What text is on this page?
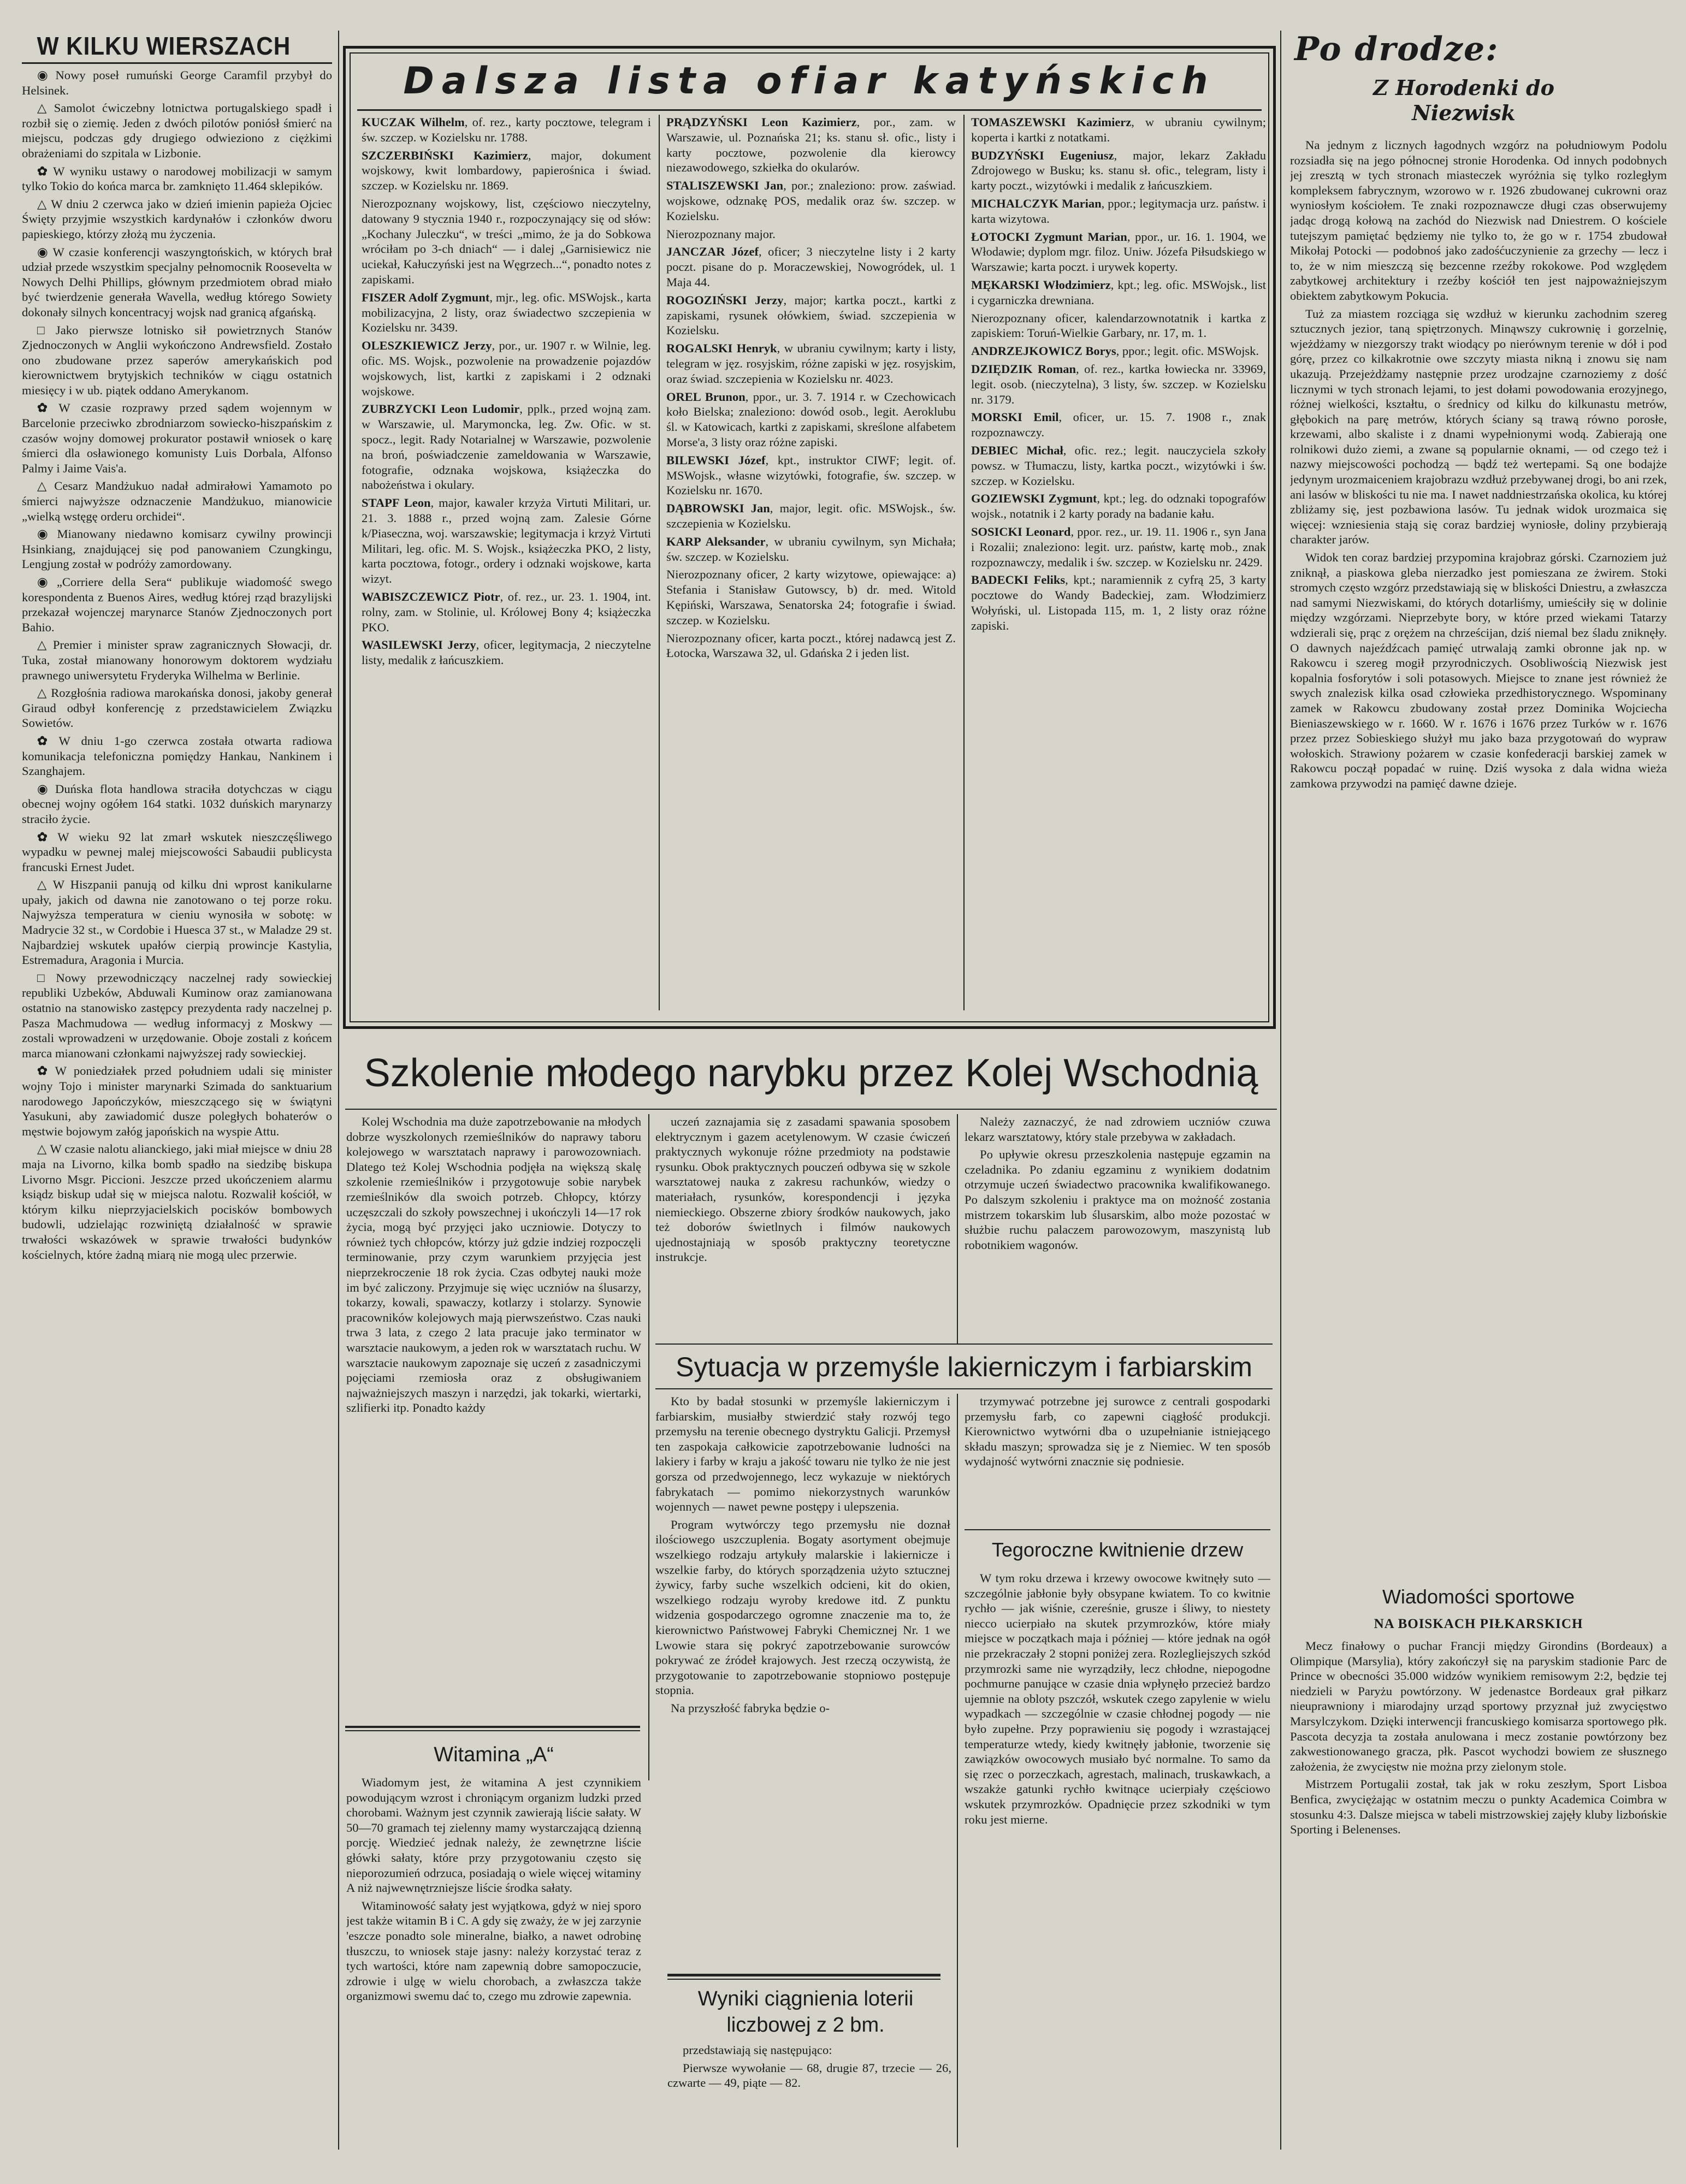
W KILKU WIERSZACH

◉ Nowy poseł rumuński George Caramfil przybył do Helsinek.

△ Samolot ćwiczebny lotnictwa portugalskiego spadł i rozbił się o ziemię. Jeden z dwóch pilotów poniósł śmierć na miejscu, podczas gdy drugiego odwieziono z ciężkimi obrażeniami do szpitala w Lizbonie.

✿ W wyniku ustawy o narodowej mobilizacji w samym tylko Tokio do końca marca br. zamknięto 11.464 sklepików.

△ W dniu 2 czerwca jako w dzień imienin papieża Ojciec Święty przyjmie wszystkich kardynałów i członków dworu papieskiego, którzy złożą mu życzenia.

◉ W czasie konferencji waszyngtońskich, w których brał udział przede wszystkim specjalny pełnomocnik Roosevelta w Nowych Delhi Phillips, głównym przedmiotem obrad miało być twierdzenie generała Wavella, według którego Sowiety dokonały silnych koncentracyj wojsk nad granicą afgańską.

□ Jako pierwsze lotnisko sił powietrznych Stanów Zjednoczonych w Anglii wykończono Andrewsfield. Zostało ono zbudowane przez saperów amerykańskich pod kierownictwem brytyjskich techników w ciągu ostatnich miesięcy i w ub. piątek oddano Amerykanom.

✿ W czasie rozprawy przed sądem wojennym w Barcelonie przeciwko zbrodniarzom sowiecko-hiszpańskim z czasów wojny domowej prokurator postawił wniosek o karę śmierci dla osławionego komunisty Luis Dorbala, Alfonso Palmy i Jaime Vais'a.

△ Cesarz Mandżukuo nadał admirałowi Yamamoto po śmierci najwyższe odznaczenie Mandżukuo, mianowicie „wielką wstęgę orderu orchidei“.

◉ Mianowany niedawno komisarz cywilny prowincji Hsinkiang, znajdującej się pod panowaniem Czungkingu, Lengjung został w podróży zamordowany.

◉ „Corriere della Sera“ publikuje wiadomość swego korespondenta z Buenos Aires, według której rząd brazylijski przekazał wojenczej marynarce Stanów Zjednoczonych port Bahio.

△ Premier i minister spraw zagranicznych Słowacji, dr. Tuka, został mianowany honorowym doktorem wydziału prawnego uniwersytetu Fryderyka Wilhelma w Berlinie.

△ Rozgłośnia radiowa marokańska donosi, jakoby generał Giraud odbył konferencję z przedstawicielem Związku Sowietów.

✿ W dniu 1-go czerwca została otwarta radiowa komunikacja telefoniczna pomiędzy Hankau, Nankinem i Szanghajem.

◉ Duńska flota handlowa straciła dotychczas w ciągu obecnej wojny ogółem 164 statki. 1032 duńskich marynarzy straciło życie.

✿ W wieku 92 lat zmarł wskutek nieszczęśliwego wypadku w pewnej malej miejscowości Sabaudii publicysta francuski Ernest Judet.

△ W Hiszpanii panują od kilku dni wprost kanikularne upały, jakich od dawna nie zanotowano o tej porze roku. Najwyższa temperatura w cieniu wynosiła w sobotę: w Madrycie 32 st., w Cordobie i Huesca 37 st., w Maladze 29 st. Najbardziej wskutek upałów cierpią prowincje Kastylia, Estremadura, Aragonia i Murcia.

□ Nowy przewodniczący naczelnej rady sowieckiej republiki Uzbeków, Abduwali Kuminow oraz zamianowana ostatnio na stanowisko zastępcy prezydenta rady naczelnej p. Pasza Machmudowa — według informacyj z Moskwy — zostali wprowadzeni w urzędowanie. Oboje zostali z końcem marca mianowani członkami najwyższej rady sowieckiej.

✿ W poniedziałek przed południem udali się minister wojny Tojo i minister marynarki Szimada do sanktuarium narodowego Japończyków, mieszczącego się w świątyni Yasukuni, aby zawiadomić dusze poległych bohaterów o męstwie bojowym załóg japońskich na wyspie Attu.

△ W czasie nalotu alianckiego, jaki miał miejsce w dniu 28 maja na Livorno, kilka bomb spadło na siedzibę biskupa Livorno Msgr. Piccioni. Jeszcze przed ukończeniem alarmu ksiądz biskup udał się w miejsca nalotu. Rozwalił kościół, w którym kilku nieprzyjacielskich pocisków bombowych budowli, udzielając rozwiniętą działalność w sprawie trwałości wskazówek w sprawie trwałości budynków kościelnych, które żadną miarą nie mogą ulec przerwie.

Dalsza lista ofiar katyńskich

KUCZAK Wilhelm, of. rez., karty pocztowe, telegram i św. szczep. w Kozielsku nr. 1788.

SZCZERBIŃSKI Kazimierz, major, dokument wojskowy, kwit lombardowy, papierośnica i świad. szczep. w Kozielsku nr. 1869.

Nierozpoznany wojskowy, list, częściowo nieczytelny, datowany 9 stycznia 1940 r., rozpoczynający się od słów: „Kochany Juleczku“, w treści „mimo, że ja do Sobkowa wróciłam po 3-ch dniach“ — i dalej „Garnisiewicz nie uciekał, Kałuczyński jest na Węgrzech...“, ponadto notes z zapiskami.

FISZER Adolf Zygmunt, mjr., leg. ofic. MSWojsk., karta mobilizacyjna, 2 listy, oraz świadectwo szczepienia w Kozielsku nr. 3439.

OLESZKIEWICZ Jerzy, por., ur. 1907 r. w Wilnie, leg. ofic. MS. Wojsk., pozwolenie na prowadzenie pojazdów wojskowych, list, kartki z zapiskami i 2 odznaki wojskowe.

ZUBRZYCKI Leon Ludomir, pplk., przed wojną zam. w Warszawie, ul. Marymoncka, leg. Zw. Ofic. w st. spocz., legit. Rady Notarialnej w Warszawie, pozwolenie na broń, poświadczenie zameldowania w Warszawie, fotografie, odznaka wojskowa, książeczka do nabożeństwa i okulary.

STAPF Leon, major, kawaler krzyża Virtuti Militari, ur. 21. 3. 1888 r., przed wojną zam. Zalesie Górne k/Piaseczna, woj. warszawskie; legitymacja i krzyż Virtuti Militari, leg. ofic. M. S. Wojsk., książeczka PKO, 2 listy, karta pocztowa, fotogr., ordery i odznaki wojskowe, karta wizyt.

WABISZCZEWICZ Piotr, of. rez., ur. 23. 1. 1904, int. rolny, zam. w Stolinie, ul. Królowej Bony 4; książeczka PKO.

WASILEWSKI Jerzy, oficer, legitymacja, 2 nieczytelne listy, medalik z łańcuszkiem.

PRĄDZYŃSKI Leon Kazimierz, por., zam. w Warszawie, ul. Poznańska 21; ks. stanu sł. ofic., listy i karty pocztowe, pozwolenie dla kierowcy niezawodowego, szkiełka do okularów.

STALISZEWSKI Jan, por.; znaleziono: prow. zaświad. wojskowe, odznakę POS, medalik oraz św. szczep. w Kozielsku.

Nierozpoznany major.

JANCZAR Józef, oficer; 3 nieczytelne listy i 2 karty poczt. pisane do p. Moraczewskiej, Nowogródek, ul. 1 Maja 44.

ROGOZIŃSKI Jerzy, major; kartka poczt., kartki z zapiskami, rysunek ołówkiem, świad. szczepienia w Kozielsku.

ROGALSKI Henryk, w ubraniu cywilnym; karty i listy, telegram w jęz. rosyjskim, różne zapiski w jęz. rosyjskim, oraz świad. szczepienia w Kozielsku nr. 4023.

OREL Brunon, ppor., ur. 3. 7. 1914 r. w Czechowicach koło Bielska; znaleziono: dowód osob., legit. Aeroklubu śl. w Katowicach, kartki z zapiskami, skreślone alfabetem Morse'a, 3 listy oraz różne zapiski.

BILEWSKI Józef, kpt., instruktor CIWF; legit. of. MSWojsk., własne wizytówki, fotografie, św. szczep. w Kozielsku nr. 1670.

DĄBROWSKI Jan, major, legit. ofic. MSWojsk., św. szczepienia w Kozielsku.

KARP Aleksander, w ubraniu cywilnym, syn Michała; św. szczep. w Kozielsku.

Nierozpoznany oficer, 2 karty wizytowe, opiewające: a) Stefania i Stanisław Gutowscy, b) dr. med. Witold Kępiński, Warszawa, Senatorska 24; fotografie i świad. szczep. w Kozielsku.

Nierozpoznany oficer, karta poczt., której nadawcą jest Z. Łotocka, Warszawa 32, ul. Gdańska 2 i jeden list.

TOMASZEWSKI Kazimierz, w ubraniu cywilnym; koperta i kartki z notatkami.

BUDZYŃSKI Eugeniusz, major, lekarz Zakładu Zdrojowego w Busku; ks. stanu sł. ofic., telegram, listy i karty poczt., wizytówki i medalik z łańcuszkiem.

MICHALCZYK Marian, ppor.; legitymacja urz. państw. i karta wizytowa.

ŁOTOCKI Zygmunt Marian, ppor., ur. 16. 1. 1904, we Włodawie; dyplom mgr. filoz. Uniw. Józefa Piłsudskiego w Warszawie; karta poczt. i urywek koperty.

MĘKARSKI Włodzimierz, kpt.; leg. ofic. MSWojsk., list i cygarniczka drewniana.

Nierozpoznany oficer, kalendarzownotatnik i kartka z zapiskiem: Toruń-Wielkie Garbary, nr. 17, m. 1.

ANDRZEJKOWICZ Borys, ppor.; legit. ofic. MSWojsk.

DZIĘDZIK Roman, of. rez., kartka łowiecka nr. 33969, legit. osob. (nieczytelna), 3 listy, św. szczep. w Kozielsku nr. 3179.

MORSKI Emil, oficer, ur. 15. 7. 1908 r., znak rozpoznawczy.

DEBIEC Michał, ofic. rez.; legit. nauczyciela szkoły powsz. w Tłumaczu, listy, kartka poczt., wizytówki i św. szczep. w Kozielsku.

GOZIEWSKI Zygmunt, kpt.; leg. do odznaki topografów wojsk., notatnik i 2 karty porady na badanie kału.

SOSICKI Leonard, ppor. rez., ur. 19. 11. 1906 r., syn Jana i Rozalii; znaleziono: legit. urz. państw, kartę mob., znak rozpoznawczy, medalik i św. szczep. w Kozielsku nr. 2429.

BADECKI Feliks, kpt.; naramiennik z cyfrą 25, 3 karty pocztowe do Wandy Badeckiej, zam. Włodzimierz Wołyński, ul. Listopada 115, m. 1, 2 listy oraz różne zapiski.

Szkolenie młodego narybku przez Kolej Wschodnią

Kolej Wschodnia ma duże zapotrzebowanie na młodych dobrze wyszkolonych rzemieślników do naprawy taboru kolejowego w warsztatach naprawy i parowozowniach. Dlatego też Kolej Wschodnia podjęła na większą skalę szkolenie rzemieślników i przygotowuje sobie narybek rzemieślników dla swoich potrzeb. Chłopcy, którzy uczęszczali do szkoły powszechnej i ukończyli 14—17 rok życia, mogą być przyjęci jako uczniowie. Dotyczy to również tych chłopców, którzy już gdzie indziej rozpoczęli terminowanie, przy czym warunkiem przyjęcia jest nieprzekroczenie 18 rok życia. Czas odbytej nauki może im być zaliczony. Przyjmuje się więc uczniów na ślusarzy, tokarzy, kowali, spawaczy, kotlarzy i stolarzy. Synowie pracowników kolejowych mają pierwszeństwo. Czas nauki trwa 3 lata, z czego 2 lata pracuje jako terminator w warsztacie naukowym, a jeden rok w warsztatach ruchu. W warsztacie naukowym zapoznaje się uczeń z zasadniczymi pojęciami rzemiosła oraz z obsługiwaniem najważniejszych maszyn i narzędzi, jak tokarki, wiertarki, szlifierki itp. Ponadto każdy

uczeń zaznajamia się z zasadami spawania sposobem elektrycznym i gazem acetylenowym. W czasie ćwiczeń praktycznych wykonuje różne przedmioty na podstawie rysunku. Obok praktycznych pouczeń odbywa się w szkole warsztatowej nauka z zakresu rachunków, wiedzy o materiałach, rysunków, korespondencji i języka niemieckiego. Obszerne zbiory środków naukowych, jako też doborów świetlnych i filmów naukowych ujednostajniają w sposób praktyczny teoretyczne instrukcje.

Należy zaznaczyć, że nad zdrowiem uczniów czuwa lekarz warsztatowy, który stale przebywa w zakładach.

Po upływie okresu przeszkolenia następuje egzamin na czeladnika. Po zdaniu egzaminu z wynikiem dodatnim otrzymuje uczeń świadectwo pracownika kwalifikowanego. Po dalszym szkoleniu i praktyce ma on możność zostania mistrzem tokarskim lub ślusarskim, albo może pozostać w służbie ruchu palaczem parowozowym, maszynistą lub robotnikiem wagonów.

Witamina „A“

Wiadomym jest, że witamina A jest czynnikiem powodującym wzrost i chroniącym organizm ludzki przed chorobami. Ważnym jest czynnik zawierają liście sałaty. W 50—70 gramach tej zielenny mamy wystarczającą dzienną porcję. Wiedzieć jednak należy, że zewnętrzne liście główki sałaty, które przy przygotowaniu często się nieporozumień odrzuca, posiadają o wiele więcej witaminy A niż najwewnętrzniejsze liście środka sałaty.

Witaminowość sałaty jest wyjątkowa, gdyż w niej sporo jest także witamin B i C. A gdy się zważy, że w jej zarzynie 'eszcze ponadto sole mineralne, białko, a nawet odrobinę tłuszczu, to wniosek staje jasny: należy korzystać teraz z tych wartości, które nam zapewnią dobre samopoczucie, zdrowie i ulgę w wielu chorobach, a zwłaszcza także organizmowi swemu dać to, czego mu zdrowie zapewnia.

Sytuacja w przemyśle lakierniczym i farbiarskim

Kto by badał stosunki w przemyśle lakierniczym i farbiarskim, musiałby stwierdzić stały rozwój tego przemysłu na terenie obecnego dystryktu Galicji. Przemysł ten zaspokaja całkowicie zapotrzebowanie ludności na lakiery i farby w kraju a jakość towaru nie tylko że nie jest gorsza od przedwojennego, lecz wykazuje w niektórych fabrykatach — pomimo niekorzystnych warunków wojennych — nawet pewne postępy i ulepszenia.

Program wytwórczy tego przemysłu nie doznał ilościowego uszczuplenia. Bogaty asortyment obejmuje wszelkiego rodzaju artykuły malarskie i lakiernicze i wszelkie farby, do których sporządzenia użyto sztucznej żywicy, farby suche wszelkich odcieni, kit do okien, wszelkiego rodzaju wyroby kredowe itd. Z punktu widzenia gospodarczego ogromne znaczenie ma to, że kierownictwo Państwowej Fabryki Chemicznej Nr. 1 we Lwowie stara się pokryć zapotrzebowanie surowców pokrywać ze źródeł krajowych. Jest rzeczą oczywistą, że przygotowanie to zapotrzebowanie stopniowo postępuje stopnia.

Na przyszłość fabryka będzie o-

trzymywać potrzebne jej surowce z centrali gospodarki przemysłu farb, co zapewni ciągłość produkcji. Kierownictwo wytwórni dba o uzupełnianie istniejącego składu maszyn; sprowadza się je z Niemiec. W ten sposób wydajność wytwórni znacznie się podniesie.

Wyniki ciągnienia loterii liczbowej z 2 bm.

przedstawiają się następująco:

Pierwsze wywołanie — 68, drugie 87, trzecie — 26, czwarte — 49, piąte — 82.

Tegoroczne kwitnienie drzew

W tym roku drzewa i krzewy owocowe kwitnęły suto — szczególnie jabłonie były obsypane kwiatem. To co kwitnie rychło — jak wiśnie, czereśnie, grusze i śliwy, to niestety niecco ucierpiało na skutek przymrozków, które miały miejsce w początkach maja i później — które jednak na ogół nie przekraczały 2 stopni poniżej zera. Rozlegliejszych szkód przymrozki same nie wyrządziły, lecz chłodne, niepogodne pochmurne panujące w czasie dnia wpłynęło przecież bardzo ujemnie na obloty pszczół, wskutek czego zapylenie w wielu wypadkach — szczególnie w czasie chłodnej pogody — nie było zupełne. Przy poprawieniu się pogody i wzrastającej temperaturze wtedy, kiedy kwitnęły jabłonie, tworzenie się zawiązków owocowych musiało być normalne. To samo da się rzec o porzeczkach, agrestach, malinach, truskawkach, a wszakże gatunki rychło kwitnące ucierpiały częściowo wskutek przymrozków. Opadnięcie przez szkodniki w tym roku jest mierne.

Po drodze:
Z Horodenki do Niezwisk

Na jednym z licznych łagodnych wzgórz na południowym Podolu rozsiadła się na jego północnej stronie Horodenka. Od innych podobnych jej zresztą w tych stronach miasteczek wyróżnia się tylko rozległym kompleksem fabrycznym, wzorowo w r. 1926 zbudowanej cukrowni oraz wyniosłym kościołem. Te znaki rozpoznawcze długi czas obserwujemy jadąc drogą kołową na zachód do Niezwisk nad Dniestrem. O kościele tutejszym pamiętać będziemy nie tylko to, że go w r. 1754 zbudował Mikołaj Potocki — podobnoś jako zadośćuczynienie za grzechy — lecz i to, że w nim mieszczą się bezcenne rzeźby rokokowe. Pod względem zabytkowej architektury i rzeźby kościół ten jest najpoważniejszym obiektem zabytkowym Pokucia.

Tuż za miastem rozciąga się wzdłuż w kierunku zachodnim szereg sztucznych jezior, taną spiętrzonych. Minąwszy cukrownię i gorzelnię, wjeżdżamy w niezgorszy trakt wiodący po nierównym terenie w dół i pod górę, przez co kilkakrotnie owe szczyty miasta nikną i znowu się nam ukazują. Przejeżdżamy następnie przez urodzajne czarnoziemy z dość licznymi w tych stronach lejami, to jest dołami powodowania erozyjnego, różnej wielkości, kształtu, o średnicy od kilku do kilkunastu metrów, głębokich na parę metrów, których ściany są trawą równo porosłe, krzewami, albo skaliste i z dnami wypełnionymi wodą. Zabierają one rolnikowi dużo ziemi, a zwane są popularnie oknami, — od czego też i nazwy miejscowości pochodzą — bądź też wertepami. Są one bodajże jedynym urozmaiceniem krajobrazu wzdłuż przebywanej drogi, bo ani rzek, ani lasów w bliskości tu nie ma. I nawet naddniestrzańska okolica, ku której zbliżamy się, jest pozbawiona lasów. Tu jednak widok urozmaica się więcej: wzniesienia stają się coraz bardziej wyniosłe, doliny przybierają charakter jarów.

Widok ten coraz bardziej przypomina krajobraz górski. Czarnoziem już zniknął, a piaskowa gleba nierzadko jest pomieszana ze żwirem. Stoki stromych często wzgórz przedstawiają się w bliskości Dniestru, a zwłaszcza nad samymi Niezwiskami, do których dotarliśmy, umieściły się w dolinie między wzgórzami. Nieprzebyte bory, w które przed wiekami Tatarzy wdzierali się, prąc z orężem na chrześcijan, dziś niemal bez śladu zniknęły. O dawnych najeźdźcach pamięć utrwalają zamki obronne jak np. w Rakowcu i szereg mogił przyrodniczych. Osobliwością Niezwisk jest kopalnia fosforytów i soli potasowych. Miejsce to znane jest również że swych znalezisk kilka osad człowieka przedhistorycznego. Wspominany zamek w Rakowcu zbudowany został przez Dominika Wojciecha Bieniaszewskiego w r. 1660. W r. 1676 i 1676 przez Turków w r. 1676 przez przez Sobieskiego służył mu jako baza przygotowań do wypraw wołoskich. Strawiony pożarem w czasie konfederacji barskiej zamek w Rakowcu począł popadać w ruinę. Dziś wysoka z dala widna wieża zamkowa przywodzi na pamięć dawne dzieje.

Wiadomości sportowe
NA BOISKACH PIŁKARSKICH

Mecz finałowy o puchar Francji między Girondins (Bordeaux) a Olimpique (Marsylia), który zakończył się na paryskim stadionie Parc de Prince w obecności 35.000 widzów wynikiem remisowym 2:2, będzie tej niedzieli w Paryżu powtórzony. W jedenastce Bordeaux grał piłkarz nieuprawniony i miarodajny urząd sportowy przyznał już zwycięstwo Marsylczykom. Dzięki interwencji francuskiego komisarza sportowego płk. Pascota decyzja ta została anulowana i mecz zostanie powtórzony bez zakwestionowanego gracza, płk. Pascot wychodzi bowiem ze słusznego założenia, że zwycięstw nie można przy zielonym stole.

Mistrzem Portugalii został, tak jak w roku zeszłym, Sport Lisboa Benfica, zwyciężając w ostatnim meczu o punkty Academica Coimbra w stosunku 4:3. Dalsze miejsca w tabeli mistrzowskiej zajęły kluby lizbońskie Sporting i Belenenses.
